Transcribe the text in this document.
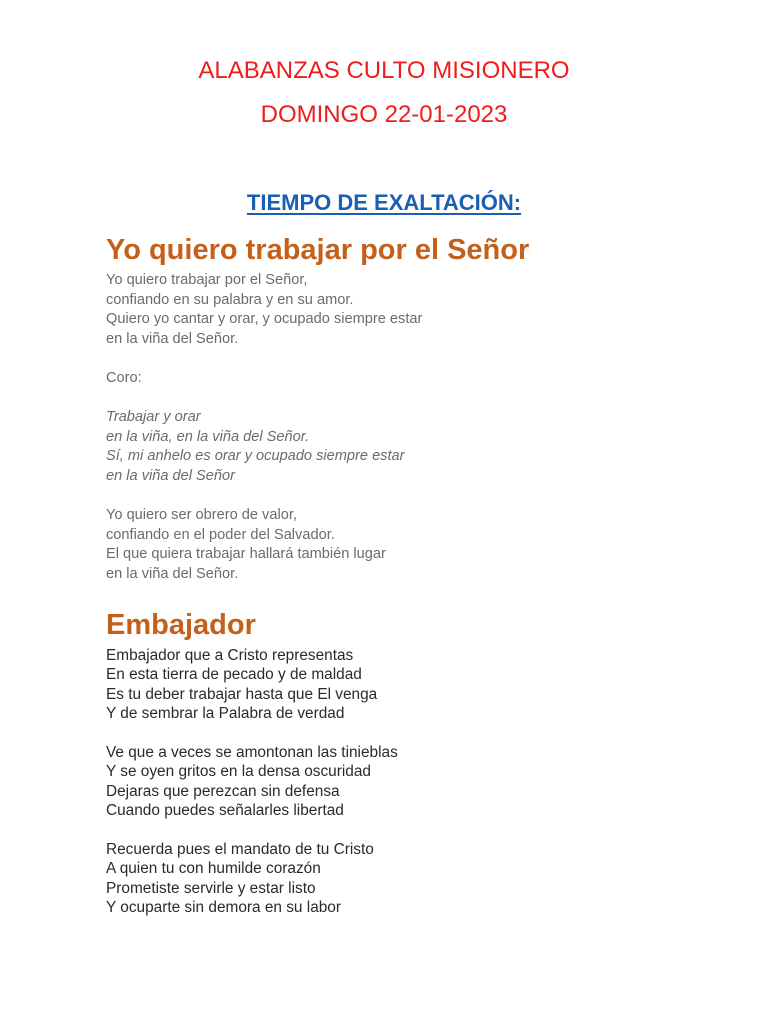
ALABANZAS CULTO MISIONERO
DOMINGO 22-01-2023
TIEMPO DE EXALTACIÓN:
Yo quiero trabajar por el Señor
Yo quiero trabajar por el Señor,
confiando en su palabra y en su amor.
Quiero yo cantar y orar, y ocupado siempre estar
en la viña del Señor.
Coro:
Trabajar y orar
en la viña, en la viña del Señor.
Sí, mi anhelo es orar y ocupado siempre estar
en la viña del Señor
Yo quiero ser obrero de valor,
confiando en el poder del Salvador.
El que quiera trabajar hallará también lugar
en la viña del Señor.
Embajador
Embajador que a Cristo representas
En esta tierra de pecado y de maldad
Es tu deber trabajar hasta que El venga
Y de sembrar la Palabra de verdad
Ve que a veces se amontonan las tinieblas
Y se oyen gritos en la densa oscuridad
Dejaras que perezcan sin defensa
Cuando puedes señalarles libertad
Recuerda pues el mandato de tu Cristo
A quien tu con humilde corazón
Prometiste servirle y estar listo
Y ocuparte sin demora en su labor
